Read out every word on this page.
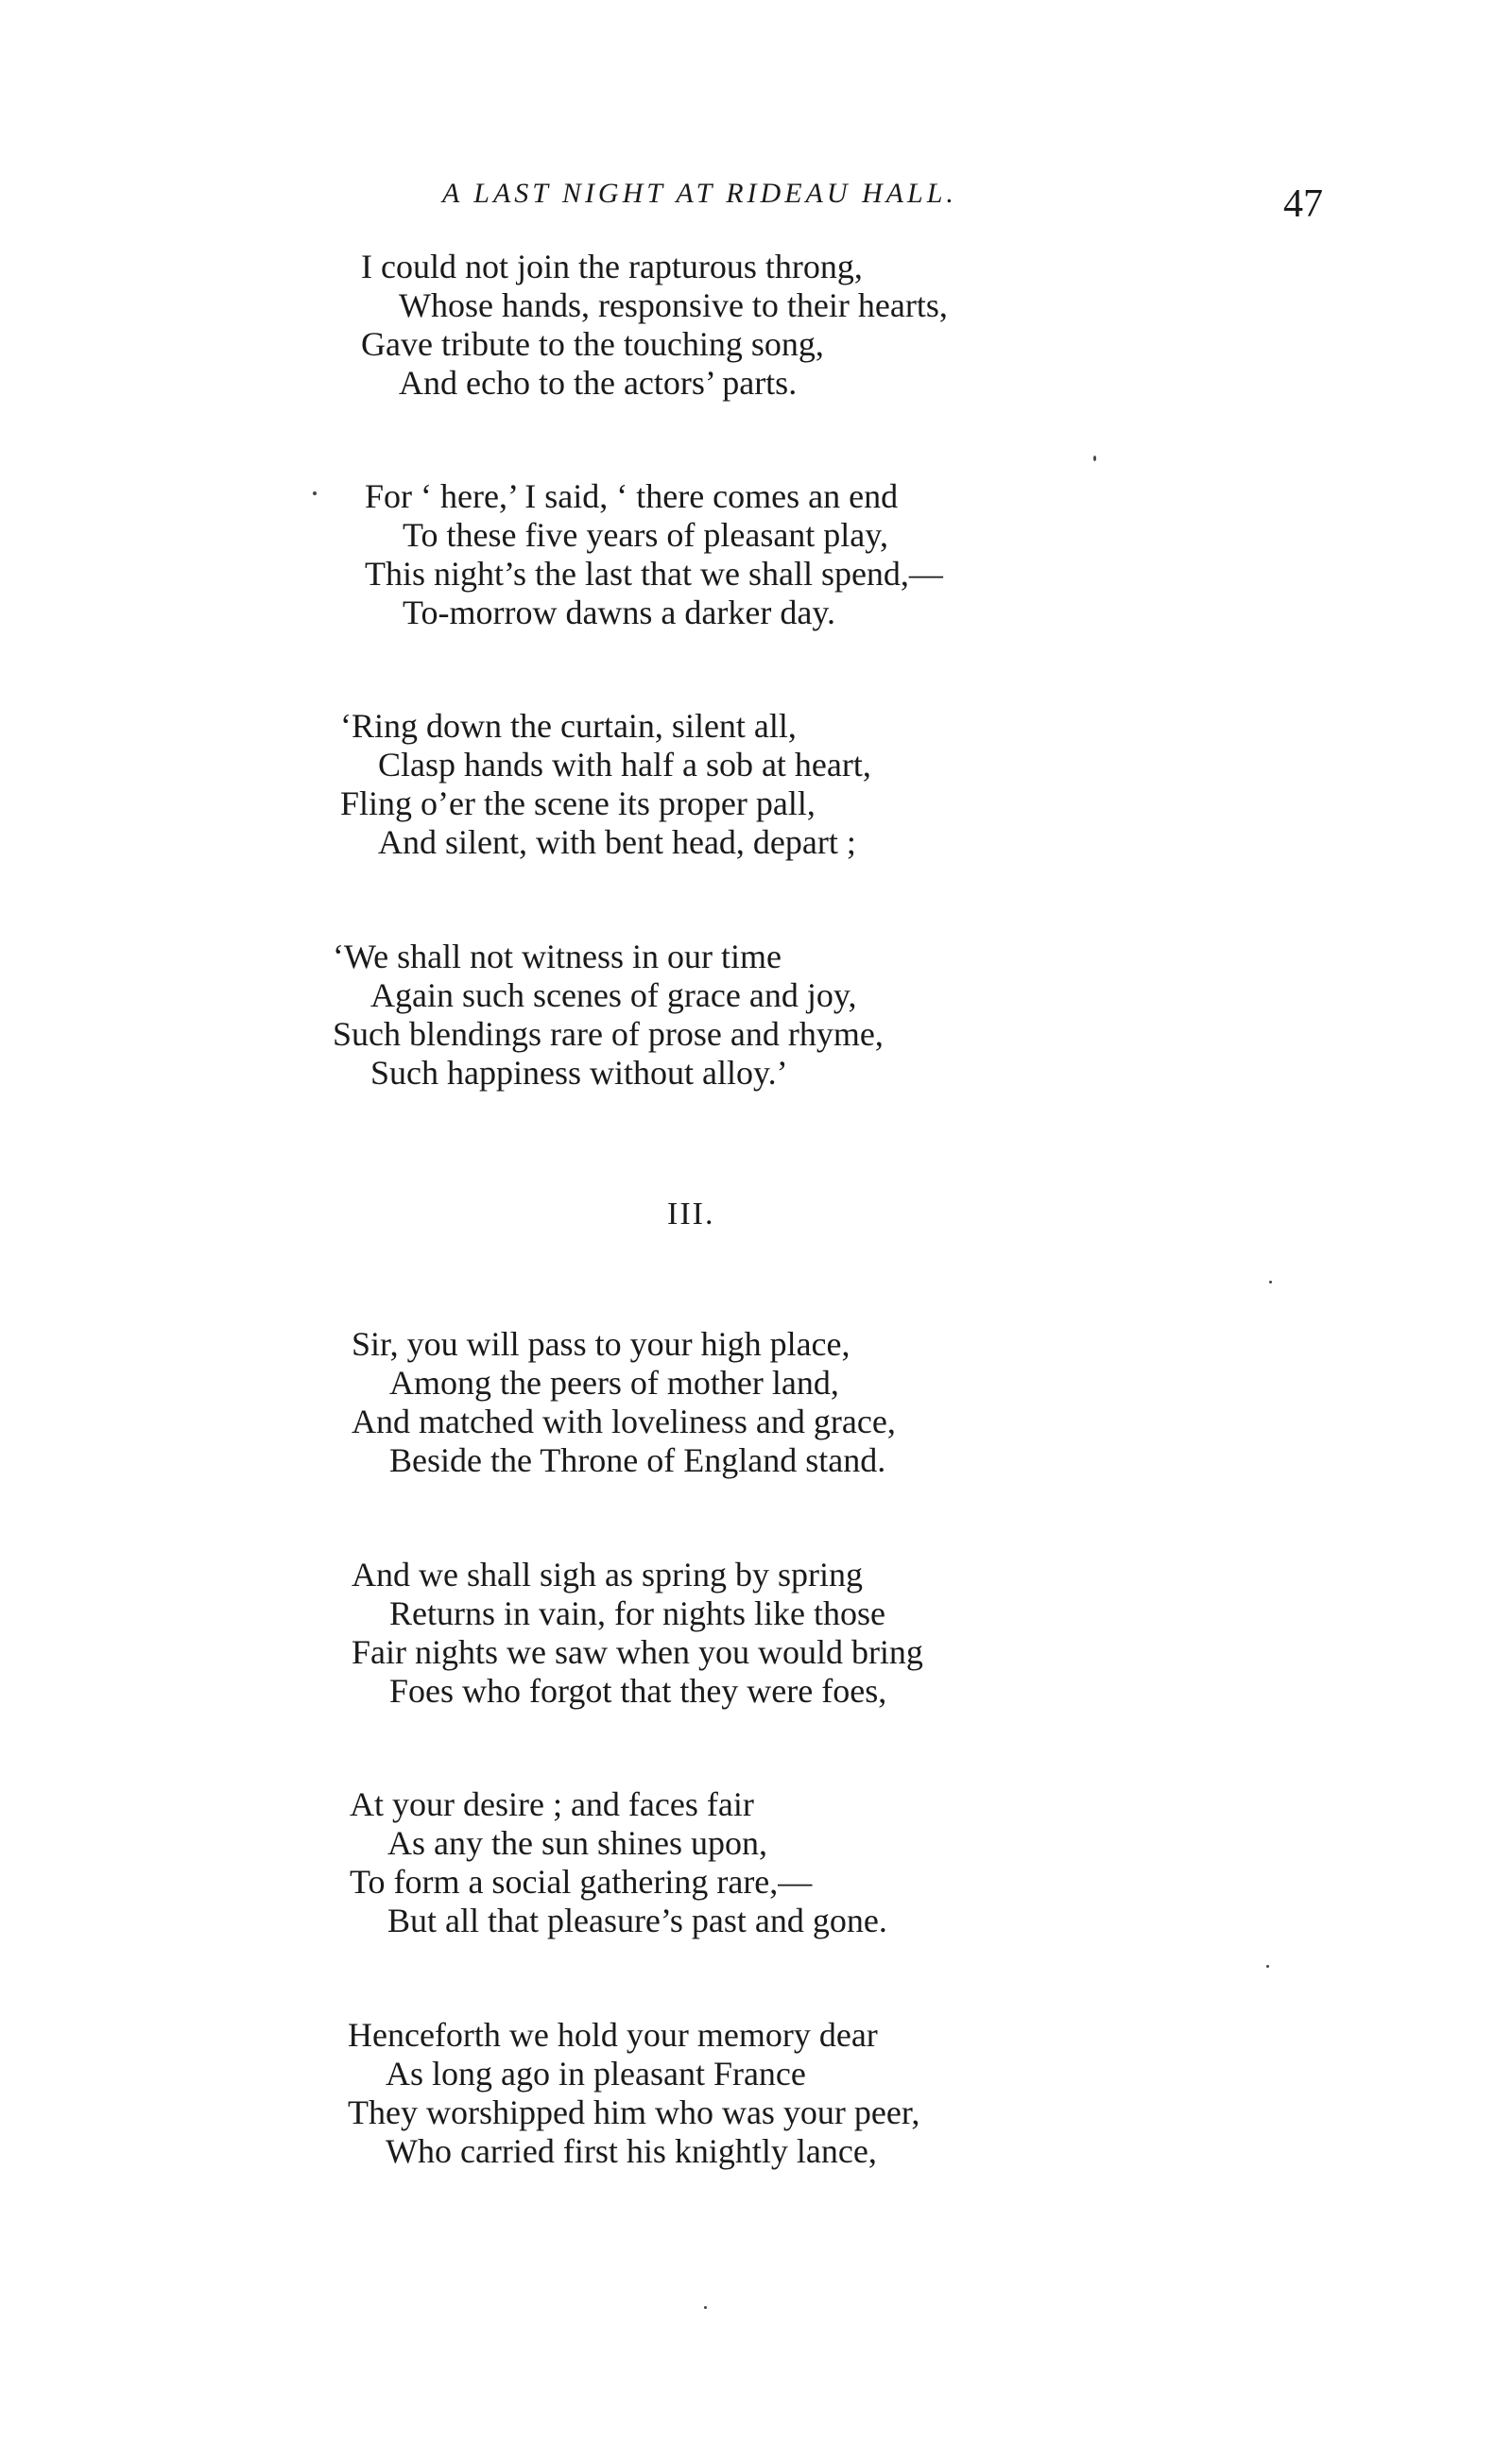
A LAST NIGHT AT RIDEAU HALL.	47
I could not join the rapturous throng,
Whose hands, responsive to their hearts,
Gave tribute to the touching song,
And echo to the actors’ parts.
For ‘ here,’ I said, ‘ there comes an end
To these five years of pleasant play,
This night’s the last that we shall spend,—
To-morrow dawns a darker day.
‘Ring down the curtain, silent all,
Clasp hands with half a sob at heart,
Fling o’er the scene its proper pall,
And silent, with bent head, depart ;
‘We shall not witness in our time
Again such scenes of grace and joy,
Such blendings rare of prose and rhyme,
Such happiness without alloy.’
III.
Sir, you will pass to your high place,
Among the peers of mother land,
And matched with loveliness and grace,
Beside the Throne of England stand.
And we shall sigh as spring by spring
Returns in vain, for nights like those
Fair nights we saw when you would bring
Foes who forgot that they were foes,
At your desire ; and faces fair
As any the sun shines upon,
To form a social gathering rare,—
But all that pleasure’s past and gone.
Henceforth we hold your memory dear
As long ago in pleasant France
They worshipped him who was your peer,
Who carried first his knightly lance,
